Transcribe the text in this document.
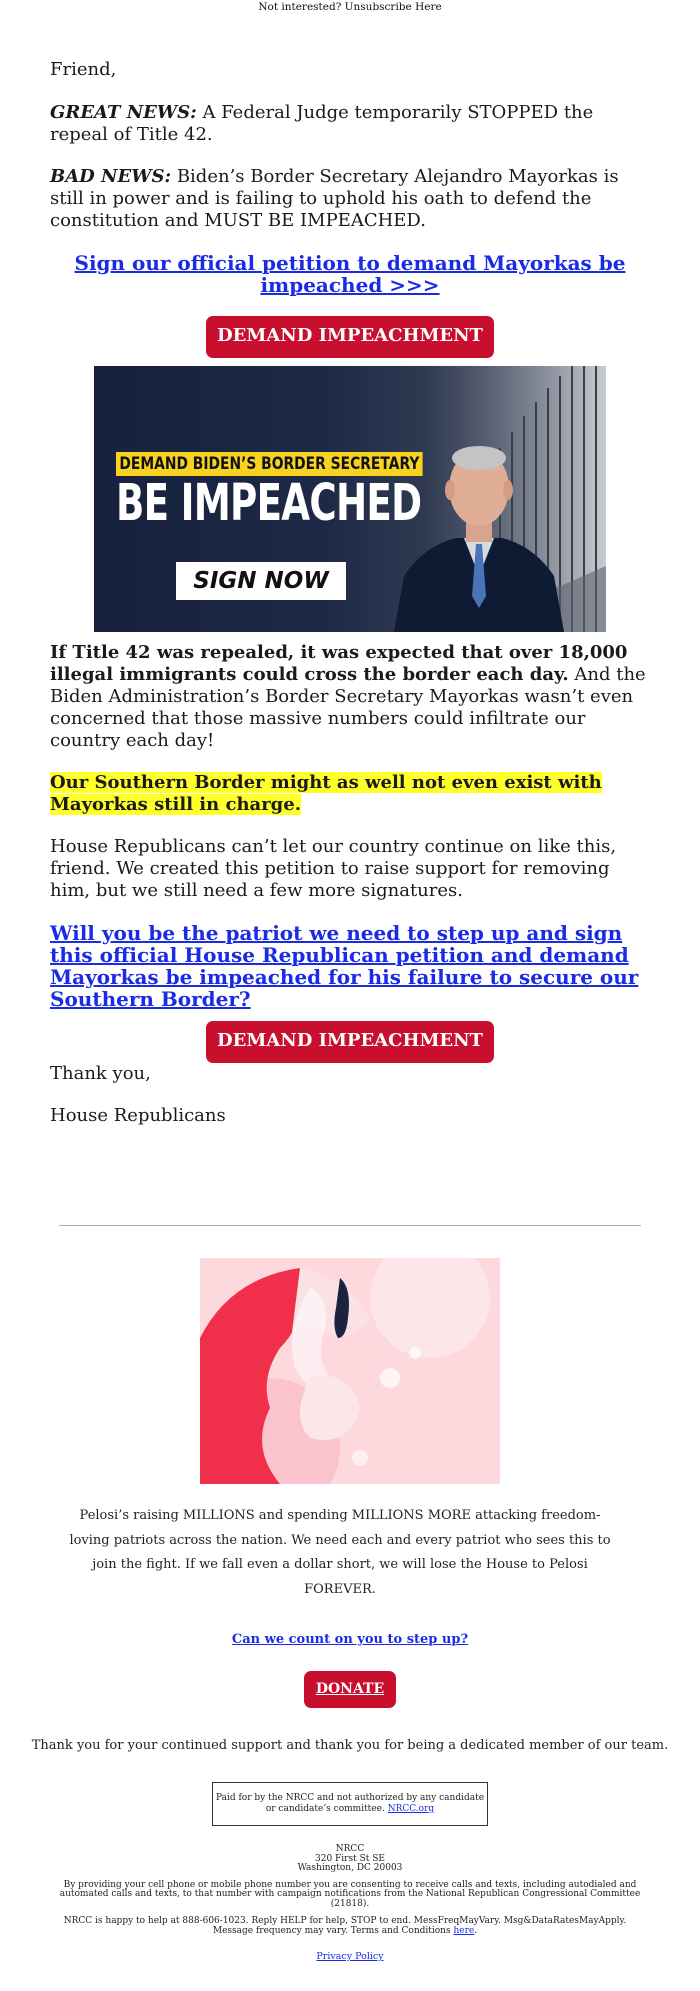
Not interested? Unsubscribe Here

Friend,

GREAT NEWS: A Federal Judge temporarily STOPPED the repeal of Title 42.

BAD NEWS: Biden’s Border Secretary Alejandro Mayorkas is still in power and is failing to uphold his oath to defend the constitution and MUST BE IMPEACHED.

Sign our official petition to demand Mayorkas be impeached >>>

DEMAND IMPEACHMENT
DEMAND BIDEN’S BORDER SECRETARY
BE IMPEACHED
SIGN NOW

If Title 42 was repealed, it was expected that over 18,000 illegal immigrants could cross the border each day. And the Biden Administration’s Border Secretary Mayorkas wasn’t even concerned that those massive numbers could infiltrate our country each day!

Our Southern Border might as well not even exist with Mayorkas still in charge.

House Republicans can’t let our country continue on like this, friend. We created this petition to raise support for removing him, but we still need a few more signatures.

Will you be the patriot we need to step up and sign this official House Republican petition and demand Mayorkas be impeached for his failure to secure our Southern Border?

DEMAND IMPEACHMENT

Thank you,

House Republicans

Pelosi’s raising MILLIONS and spending MILLIONS MORE attacking freedom-loving patriots across the nation. We need each and every patriot who sees this to join the fight. If we fall even a dollar short, we will lose the House to Pelosi FOREVER.
Can we count on you to step up?
DONATE
Thank you for your continued support and thank you for being a dedicated member of our team.
Paid for by the NRCC and not authorized by any candidate or candidate’s committee. NRCC.org
NRCC
320 First St SE
Washington, DC 20003
By providing your cell phone or mobile phone number you are consenting to receive calls and texts, including autodialed and automated calls and texts, to that number with campaign notifications from the National Republican Congressional Committee (21818).
NRCC is happy to help at 888-606-1023. Reply HELP for help, STOP to end. MessFreqMayVary. Msg&DataRatesMayApply. Message frequency may vary. Terms and Conditions here.
Privacy Policy
